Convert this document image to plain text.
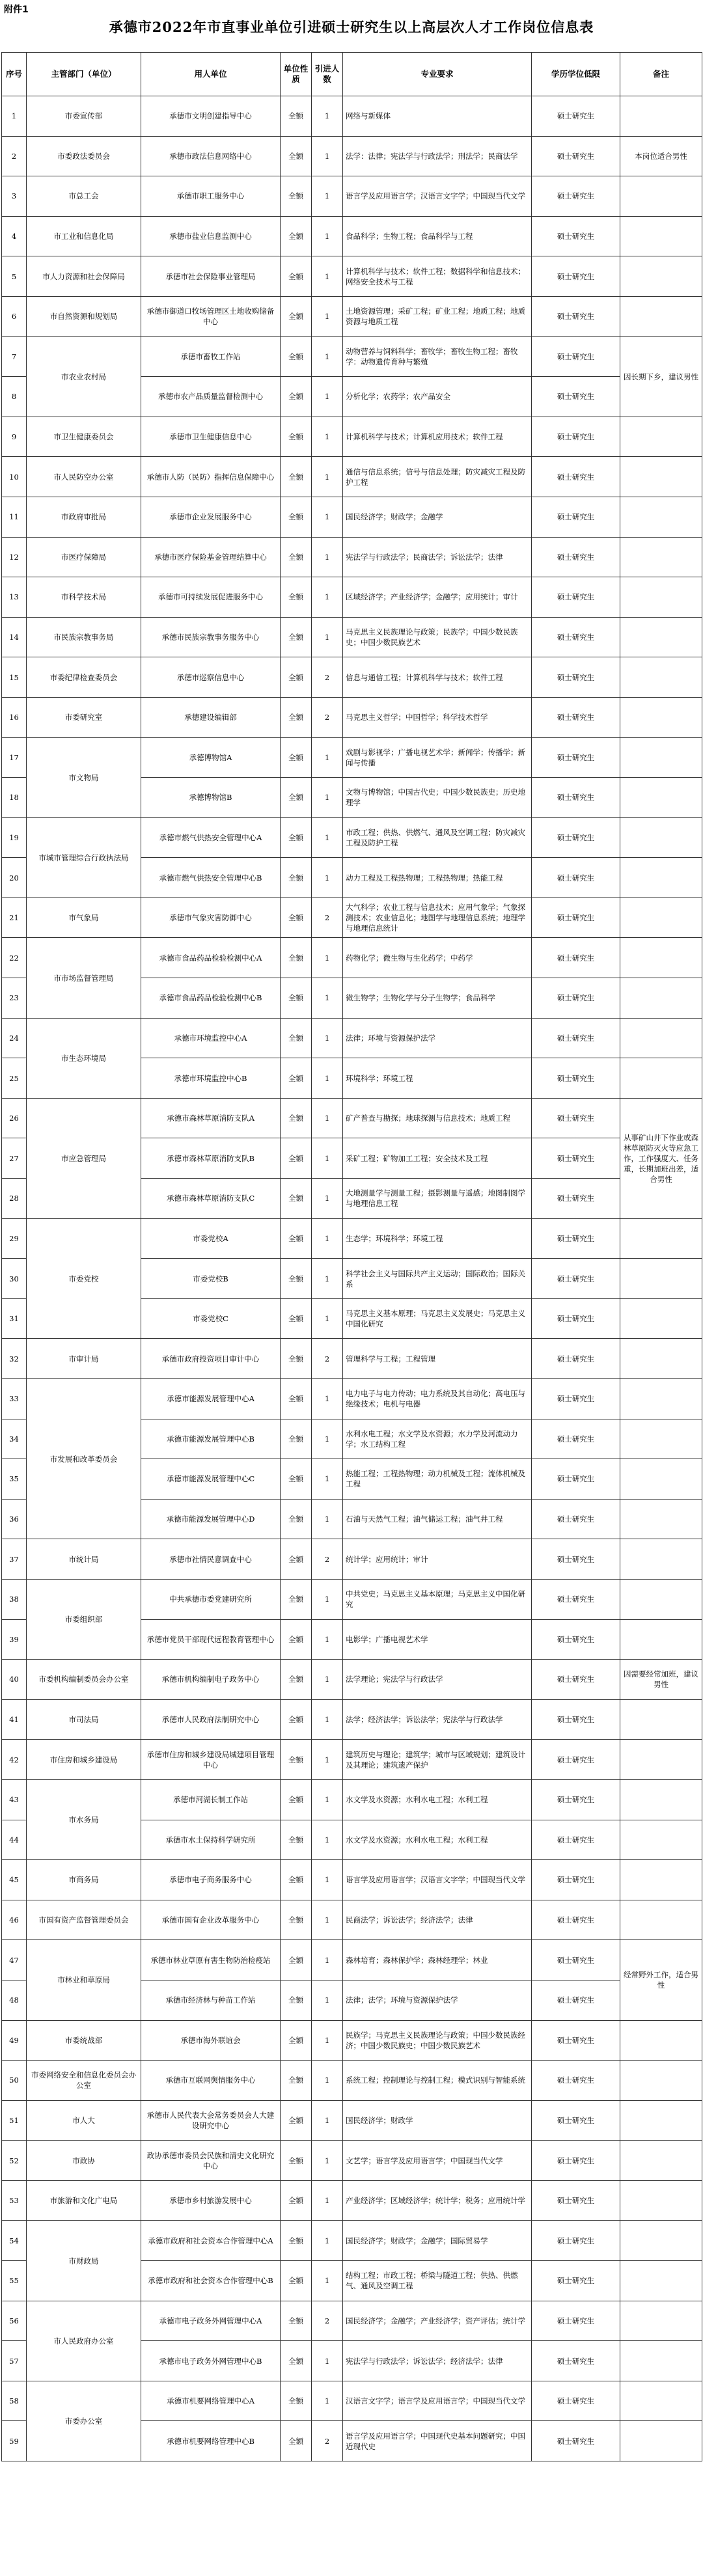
附件1
承德市2022年市直事业单位引进硕士研究生以上高层次人才工作岗位信息表
序号	主管部门（单位）	用人单位	单位性质	引进人数	专业要求	学历学位低限	备注
1	市委宣传部	承德市文明创建指导中心	全额	1	网络与新媒体	硕士研究生	
2	市委政法委员会	承德市政法信息网络中心	全额	1	法学：法律；宪法学与行政法学；刑法学；民商法学	硕士研究生	本岗位适合男性
3	市总工会	承德市职工服务中心	全额	1	语言学及应用语言学；汉语言文字学；中国现当代文学	硕士研究生	
4	市工业和信息化局	承德市盐业信息监测中心	全额	1	食品科学；生物工程；食品科学与工程	硕士研究生	
5	市人力资源和社会保障局	承德市社会保险事业管理局	全额	1	计算机科学与技术；软件工程；数据科学和信息技术；网络安全技术与工程	硕士研究生	
6	市自然资源和规划局	承德市御道口牧场管理区土地收购储备中心	全额	1	土地资源管理；采矿工程；矿业工程；地质工程；地质资源与地质工程	硕士研究生	
7	市农业农村局	承德市畜牧工作站	全额	1	动物营养与饲料科学；畜牧学；畜牧生物工程；畜牧学：动物遗传育种与繁殖	硕士研究生	因长期下乡，建议男性
8		承德市农产品质量监督检测中心	全额	1	分析化学；农药学；农产品安全	硕士研究生	
9	市卫生健康委员会	承德市卫生健康信息中心	全额	1	计算机科学与技术；计算机应用技术；软件工程	硕士研究生	
10	市人民防空办公室	承德市人防（民防）指挥信息保障中心	全额	1	通信与信息系统；信号与信息处理；防灾减灾工程及防护工程	硕士研究生	
11	市政府审批局	承德市企业发展服务中心	全额	1	国民经济学；财政学；金融学	硕士研究生	
12	市医疗保障局	承德市医疗保险基金管理结算中心	全额	1	宪法学与行政法学；民商法学；诉讼法学；法律	硕士研究生	
13	市科学技术局	承德市可持续发展促进服务中心	全额	1	区域经济学；产业经济学；金融学；应用统计；审计	硕士研究生	
14	市民族宗教事务局	承德市民族宗教事务服务中心	全额	1	马克思主义民族理论与政策；民族学；中国少数民族史；中国少数民族艺术	硕士研究生	
15	市委纪律检查委员会	承德市巡察信息中心	全额	2	信息与通信工程；计算机科学与技术；软件工程	硕士研究生	
16	市委研究室	承德建设编辑部	全额	2	马克思主义哲学；中国哲学；科学技术哲学	硕士研究生	
17	市文物局	承德博物馆A	全额	1	戏剧与影视学；广播电视艺术学；新闻学；传播学；新闻与传播	硕士研究生	
18		承德博物馆B	全额	1	文物与博物馆；中国古代史；中国少数民族史；历史地理学	硕士研究生	
19	市城市管理综合行政执法局	承德市燃气供热安全管理中心A	全额	1	市政工程；供热、供燃气、通风及空调工程；防灾减灾工程及防护工程	硕士研究生	
20		承德市燃气供热安全管理中心B	全额	1	动力工程及工程热物理；工程热物理；热能工程	硕士研究生	
21	市气象局	承德市气象灾害防御中心	全额	2	大气科学；农业工程与信息技术；应用气象学；气象探测技术；农业信息化；地图学与地理信息系统；地理学与地理信息统计	硕士研究生	
22	市市场监督管理局	承德市食品药品检验检测中心A	全额	1	药物化学；微生物与生化药学；中药学	硕士研究生	
23		承德市食品药品检验检测中心B	全额	1	微生物学；生物化学与分子生物学；食品科学	硕士研究生	
24	市生态环境局	承德市环境监控中心A	全额	1	法律；环境与资源保护法学	硕士研究生	
25		承德市环境监控中心B	全额	1	环境科学；环境工程	硕士研究生	
26	市应急管理局	承德市森林草原消防支队A	全额	1	矿产普查与勘探；地球探测与信息技术；地质工程	硕士研究生	从事矿山井下作业或森林草原防灭火等应急工作，工作强度大、任务重，长期加班出差，适合男性
27		承德市森林草原消防支队B	全额	1	采矿工程；矿物加工工程；安全技术及工程	硕士研究生	
28		承德市森林草原消防支队C	全额	1	大地测量学与测量工程；摄影测量与遥感；地图制图学与地理信息工程	硕士研究生	
29	市委党校	市委党校A	全额	1	生态学；环境科学；环境工程	硕士研究生	
30		市委党校B	全额	1	科学社会主义与国际共产主义运动；国际政治；国际关系	硕士研究生	
31		市委党校C	全额	1	马克思主义基本原理；马克思主义发展史；马克思主义中国化研究	硕士研究生	
32	市审计局	承德市政府投资项目审计中心	全额	2	管理科学与工程；工程管理	硕士研究生	
33	市发展和改革委员会	承德市能源发展管理中心A	全额	1	电力电子与电力传动；电力系统及其自动化；高电压与绝缘技术；电机与电器	硕士研究生	
34		承德市能源发展管理中心B	全额	1	水利水电工程；水文学及水资源；水力学及河流动力学；水工结构工程	硕士研究生	
35		承德市能源发展管理中心C	全额	1	热能工程；工程热物理；动力机械及工程；流体机械及工程	硕士研究生	
36		承德市能源发展管理中心D	全额	1	石油与天然气工程；油气储运工程；油气井工程	硕士研究生	
37	市统计局	承德市社情民意调查中心	全额	2	统计学；应用统计；审计	硕士研究生	
38	市委组织部	中共承德市委党建研究所	全额	1	中共党史；马克思主义基本原理；马克思主义中国化研究	硕士研究生	
39		承德市党员干部现代远程教育管理中心	全额	1	电影学；广播电视艺术学	硕士研究生	
40	市委机构编制委员会办公室	承德市机构编制电子政务中心	全额	1	法学理论；宪法学与行政法学	硕士研究生	因需要经常加班，建议男性
41	市司法局	承德市人民政府法制研究中心	全额	1	法学；经济法学；诉讼法学；宪法学与行政法学	硕士研究生	
42	市住房和城乡建设局	承德市住房和城乡建设局城建项目管理中心	全额	1	建筑历史与理论；建筑学；城市与区域规划；建筑设计及其理论；建筑遗产保护	硕士研究生	
43	市水务局	承德市河湖长制工作站	全额	1	水文学及水资源；水利水电工程；水利工程	硕士研究生	
44		承德市水土保持科学研究所	全额	1	水文学及水资源；水利水电工程；水利工程	硕士研究生	
45	市商务局	承德市电子商务服务中心	全额	1	语言学及应用语言学；汉语言文字学；中国现当代文学	硕士研究生	
46	市国有资产监督管理委员会	承德市国有企业改革服务中心	全额	1	民商法学；诉讼法学；经济法学；法律	硕士研究生	
47	市林业和草原局	承德市林业草原有害生物防治检疫站	全额	1	森林培育；森林保护学；森林经理学；林业	硕士研究生	经常野外工作，适合男性
48		承德市经济林与种苗工作站	全额	1	法律；法学；环境与资源保护法学	硕士研究生	
49	市委统战部	承德市海外联谊会	全额	1	民族学；马克思主义民族理论与政策；中国少数民族经济；中国少数民族史；中国少数民族艺术	硕士研究生	
50	市委网络安全和信息化委员会办公室	承德市互联网舆情服务中心	全额	1	系统工程；控制理论与控制工程；模式识别与智能系统	硕士研究生	
51	市人大	承德市人民代表大会常务委员会人大建设研究中心	全额	1	国民经济学；财政学	硕士研究生	
52	市政协	政协承德市委员会民族和清史文化研究中心	全额	1	文艺学；语言学及应用语言学；中国现当代文学	硕士研究生	
53	市旅游和文化广电局	承德市乡村旅游发展中心	全额	1	产业经济学；区域经济学；统计学；税务；应用统计学	硕士研究生	
54	市财政局	承德市政府和社会资本合作管理中心A	全额	1	国民经济学；财政学；金融学；国际贸易学	硕士研究生	
55		承德市政府和社会资本合作管理中心B	全额	1	结构工程；市政工程；桥梁与隧道工程；供热、供燃气、通风及空调工程	硕士研究生	
56	市人民政府办公室	承德市电子政务外网管理中心A	全额	2	国民经济学；金融学；产业经济学；资产评估；统计学	硕士研究生	
57		承德市电子政务外网管理中心B	全额	1	宪法学与行政法学；诉讼法学；经济法学；法律	硕士研究生	
58	市委办公室	承德市机要网络管理中心A	全额	1	汉语言文字学；语言学及应用语言学；中国现当代文学	硕士研究生	
59		承德市机要网络管理中心B	全额	2	语言学及应用语言学；中国现代史基本问题研究；中国近现代史	硕士研究生	
